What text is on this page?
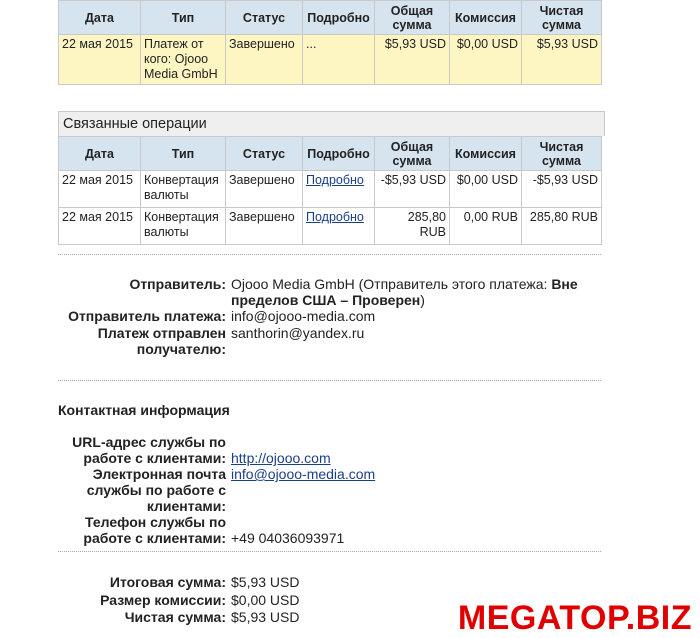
Дата	Тип	Статус	Подробно	Общая сумма	Комиссия	Чистая сумма
22 мая 2015	Платеж от кого: Ojooo Media GmbH	Завершено	...	$5,93 USD	$0,00 USD	$5,93 USD
Связанные операции
Дата	Тип	Статус	Подробно	Общая сумма	Комиссия	Чистая сумма
22 мая 2015	Конвертация валюты	Завершено	Подробно	-$5,93 USD	$0,00 USD	-$5,93 USD
22 мая 2015	Конвертация валюты	Завершено	Подробно	285,80 RUB	0,00 RUB	285,80 RUB
Отправитель: Ojooo Media GmbH (Отправитель этого платежа: Вне пределов США – Проверен)
Отправитель платежа: info@ojooo-media.com
Платеж отправлен получателю:
santhorin@yandex.ru
Контактная информация
URL-адрес службы по работе с клиентами: http://ojooo.com
Электронная почта службы по работе с клиентами:
info@ojooo-media.com
Телефон службы по работе с клиентами: +49 04036093971
Итоговая сумма: $5,93 USD
Размер комиссии: $0,00 USD
Чистая сумма: $5,93 USD	MEGATOP.BIZ
